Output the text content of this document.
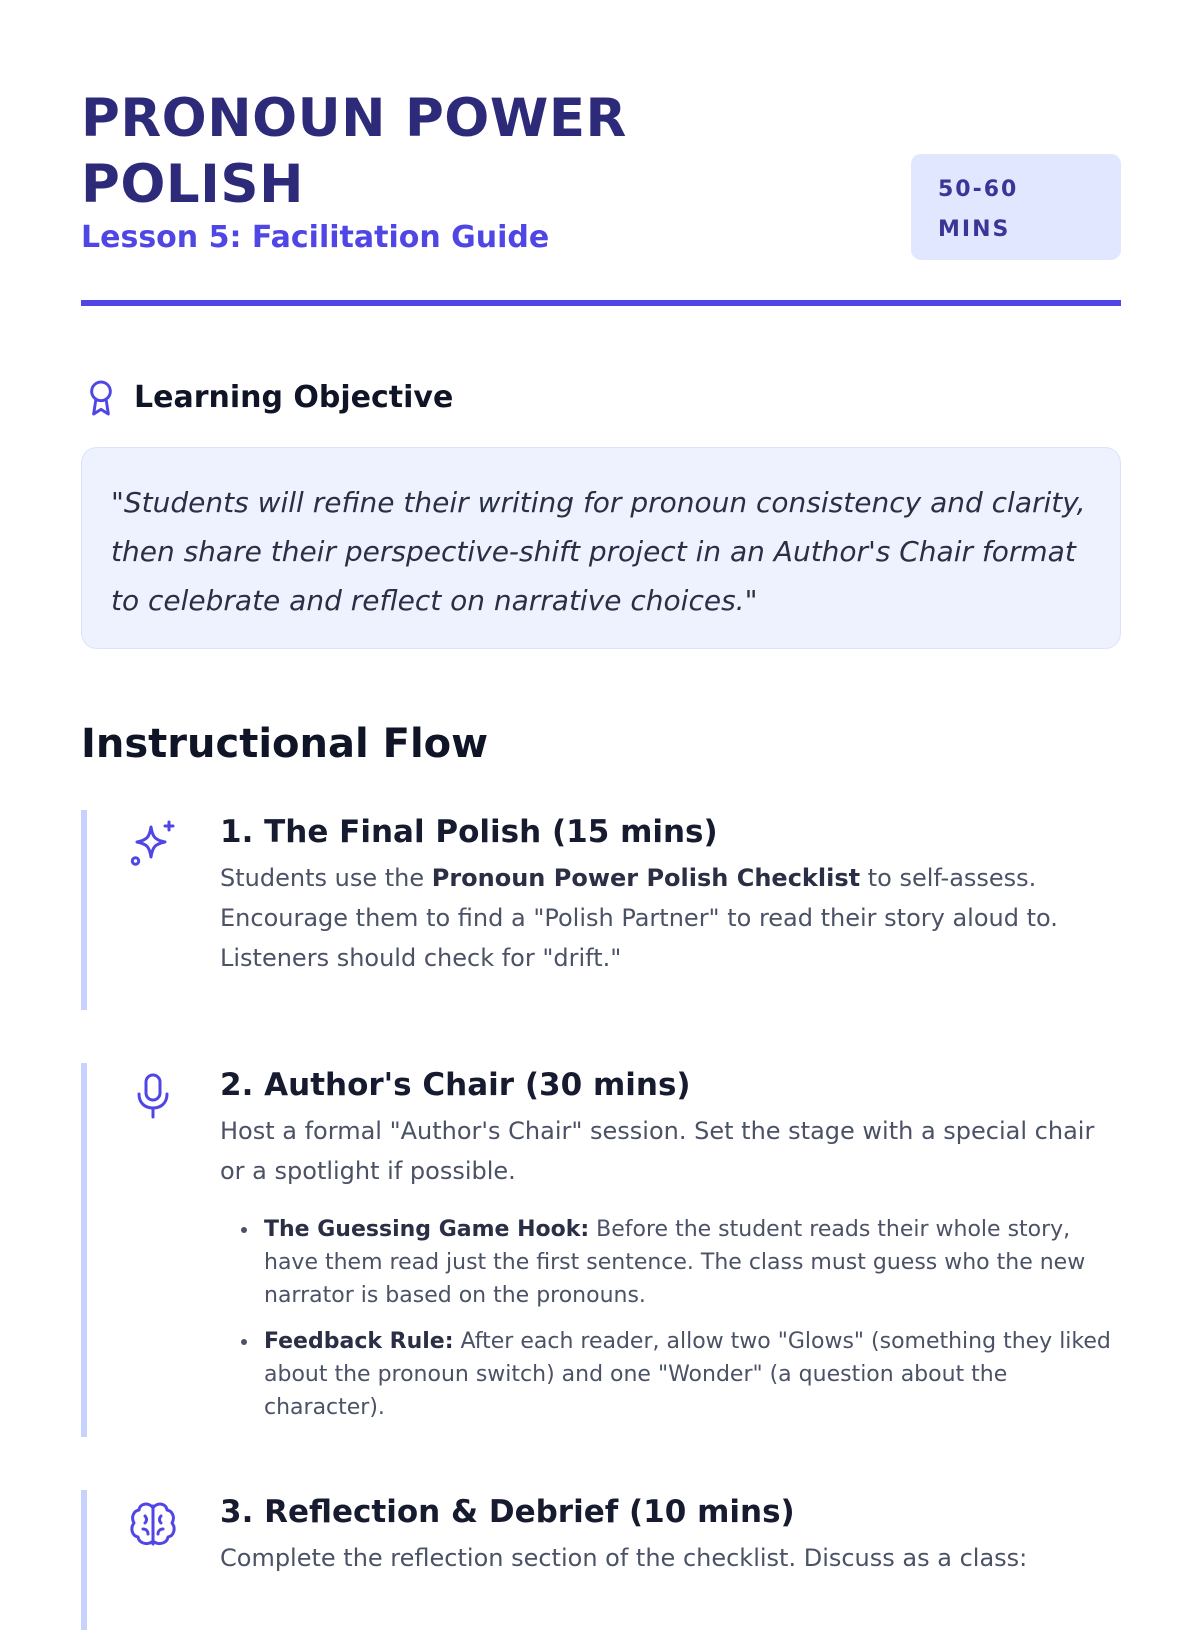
PRONOUN POWER POLISH
Lesson 5: Facilitation Guide
50-60
MINS
Learning Objective

"Students will refine their writing for pronoun consistency and clarity, then share their perspective-shift project in an Author's Chair format to celebrate and reflect on narrative choices."

Instructional Flow
1. The Final Polish (15 mins)

Students use the Pronoun Power Polish Checklist to self-assess. Encourage them to find a "Polish Partner" to read their story aloud to. Listeners should check for "drift."

2. Author's Chair (30 mins)

Host a formal "Author's Chair" session. Set the stage with a special chair or a spotlight if possible.

• The Guessing Game Hook: Before the student reads their whole story, have them read just the first sentence. The class must guess who the new narrator is based on the pronouns.
• Feedback Rule: After each reader, allow two "Glows" (something they liked about the pronoun switch) and one "Wonder" (a question about the character).
3. Reflection & Debrief (10 mins)

Complete the reflection section of the checklist. Discuss as a class:
